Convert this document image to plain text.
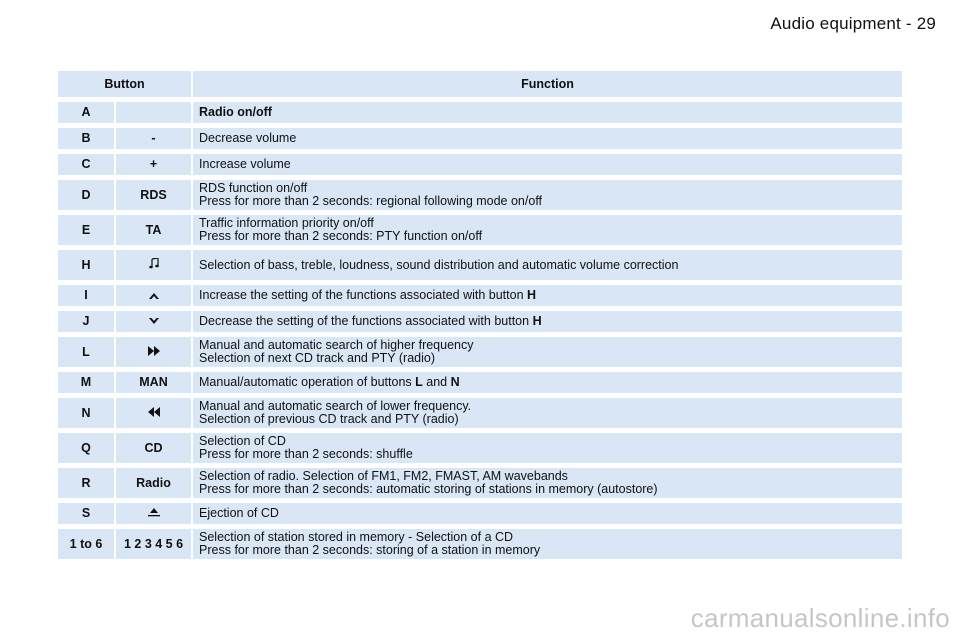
Audio equipment - 29
Button		Function
A		Radio on/off

B	-	Decrease volume

C	+	Increase volume

D	RDS	RDS function on/off
Press for more than 2 seconds: regional following mode on/off

E	TA	Traffic information priority on/off
Press for more than 2 seconds: PTY function on/off

H		Selection of bass, treble, loudness, sound distribution and automatic volume correction

I		Increase the setting of the functions associated with button H

J		Decrease the setting of the functions associated with button H

L		Manual and automatic search of higher frequency
Selection of next CD track and PTY (radio)

M	MAN	Manual/automatic operation of buttons L and N

N		Manual and automatic search of lower frequency.
Selection of previous CD track and PTY (radio)

Q	CD	Selection of CD
Press for more than 2 seconds: shuffle

R	Radio	Selection of radio. Selection of FM1, FM2, FMAST, AM wavebands
Press for more than 2 seconds: automatic storing of stations in memory (autostore)

S		Ejection of CD

1 to 6	1 2 3 4 5 6	Selection of station stored in memory - Selection of a CD
Press for more than 2 seconds: storing of a station in memory
carmanualsonline.info
